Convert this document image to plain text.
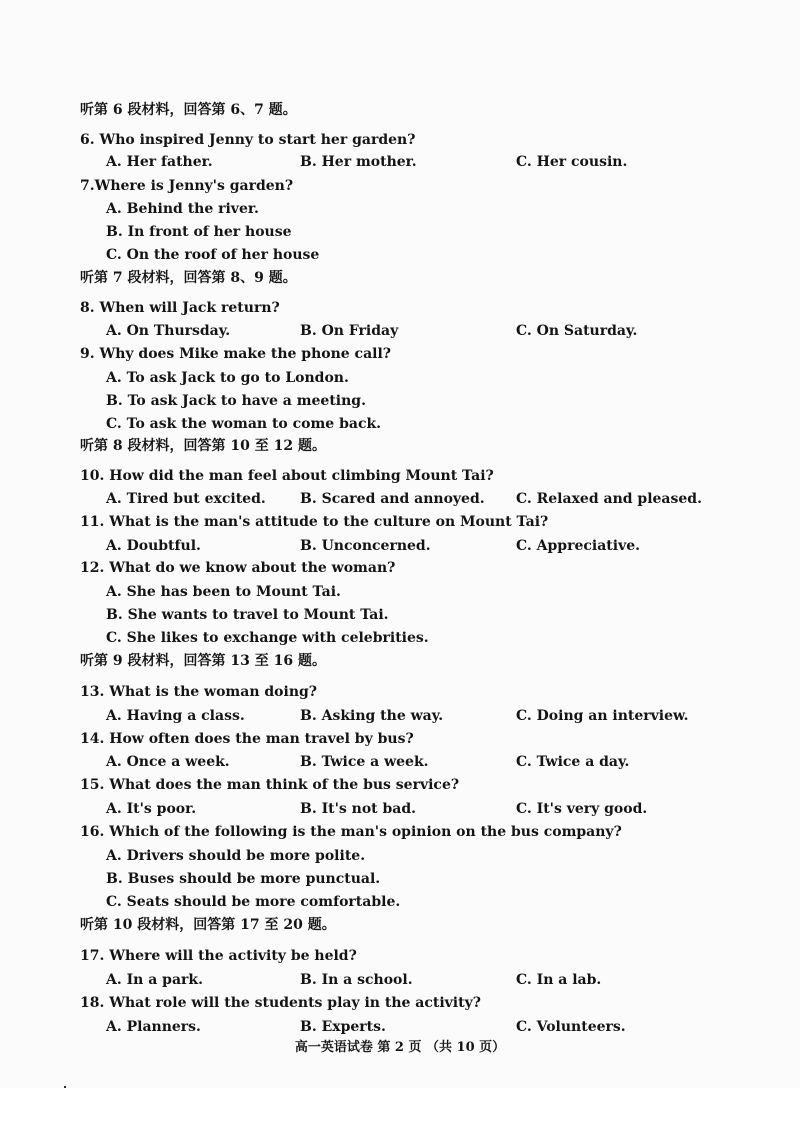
听第 6 段材料，回答第 6、7 题。
6. Who inspired Jenny to start her garden?
A. Her father.	B. Her mother.	C. Her cousin.
7.Where is Jenny's garden?
A. Behind the river.
B. In front of her house
C. On the roof of her house
听第 7 段材料，回答第 8、9 题。
8. When will Jack return?
A. On Thursday.	B. On Friday	C. On Saturday.
9. Why does Mike make the phone call?
A. To ask Jack to go to London.
B. To ask Jack to have a meeting.
C. To ask the woman to come back.
听第 8 段材料，回答第 10 至 12 题。
10. How did the man feel about climbing Mount Tai?
A. Tired but excited. B. Scared and annoyed. C. Relaxed and pleased.
11. What is the man's attitude to the culture on Mount Tai?
A. Doubtful.	B. Unconcerned.	C. Appreciative.
12. What do we know about the woman?
A. She has been to Mount Tai.
B. She wants to travel to Mount Tai.
C. She likes to exchange with celebrities.
听第 9 段材料，回答第 13 至 16 题。
13. What is the woman doing?
A. Having a class.	B. Asking the way.	C. Doing an interview.
14. How often does the man travel by bus?
A. Once a week.	B. Twice a week.	C. Twice a day.
15. What does the man think of the bus service?
A. It's poor.	B. It's not bad.	C. It's very good.
16. Which of the following is the man's opinion on the bus company?
A. Drivers should be more polite.
B. Buses should be more punctual.
C. Seats should be more comfortable.
听第 10 段材料，回答第 17 至 20 题。
17. Where will the activity be held?
A. In a park.	B. In a school.	C. In a lab.
18. What role will the students play in the activity?
A. Planners.	B. Experts.	C. Volunteers.
高一英语试卷 第 2 页 （共 10 页）
